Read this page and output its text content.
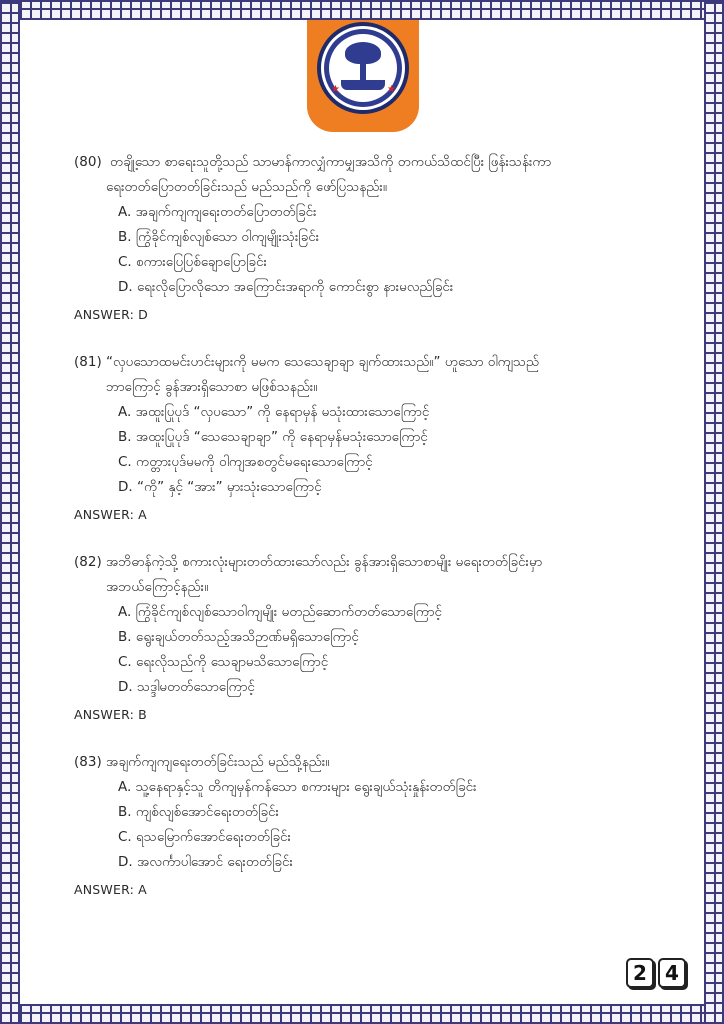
★	★

(80) တချို့သော စာရေးသူတို့သည် သာမာန်ကာလျှံကာမျှအသိကို တကယ်သိထင်ပြီး ဖြန်းသန်းကာ

ရေးတတ်ပြောတတ်ခြင်းသည် မည်သည်ကို ဖော်ပြသနည်း။

A. အချက်ကျကျရေးတတ်ပြောတတ်ခြင်း
B. ကြွံခိုင်ကျစ်လျစ်သော ဝါကျမျိုးသုံးခြင်း
C. စကားပြေပြစ်ချောပြောခြင်း
D. ရေးလိုပြောလိုသော အကြောင်းအရာကို ကောင်းစွာ နားမလည်ခြင်း
ANSWER: D

(81) “လှပသောထမင်းဟင်းများကို မမက သေသေချာချာ ချက်ထားသည်။” ဟူသော ဝါကျသည်

ဘာကြောင့် ခွန်အားရှိသောစာ မဖြစ်သနည်း။

A. အထူးပြုပုဒ် “လှပသော” ကို နေရာမှန် မသုံးထားသောကြောင့်
B. အထူးပြုပုဒ် “သေသေချာချာ” ကို နေရာမှန်မသုံးသောကြောင့်
C. ကတ္တားပုဒ်မမကို ဝါကျအစတွင်မရေးသောကြောင့်
D. “ကို” နှင့် “အား” မှားသုံးသောကြောင့်
ANSWER: A

(82) အဘိဓာန်ကဲ့သို့ စကားလုံးများတတ်ထားသော်လည်း ခွန်အားရှိသောစာမျိုး မရေးတတ်ခြင်းမှာ

အဘယ်ကြောင့်နည်း။

A. ကြွံခိုင်ကျစ်လျစ်သောဝါကျမျိုး မတည်ဆောက်တတ်သောကြောင့်
B. ရွေးချယ်တတ်သည့်အသိဉာဏ်မရှိသောကြောင့်
C. ရေးလိုသည်ကို သေချာမသိသောကြောင့်
D. သဒ္ဒါမတတ်သောကြောင့်
ANSWER: B

(83) အချက်ကျကျရေးတတ်ခြင်းသည် မည်သို့နည်း။

A. သူ့နေရာနှင့်သူ တိကျမှန်ကန်သော စကားများ ရွေးချယ်သုံးနှုန်းတတ်ခြင်း
B. ကျစ်လျစ်အောင်ရေးတတ်ခြင်း
C. ရသမြောက်အောင်ရေးတတ်ခြင်း
D. အလင်္ကာပါအောင် ရေးတတ်ခြင်း
ANSWER: A
2 4
